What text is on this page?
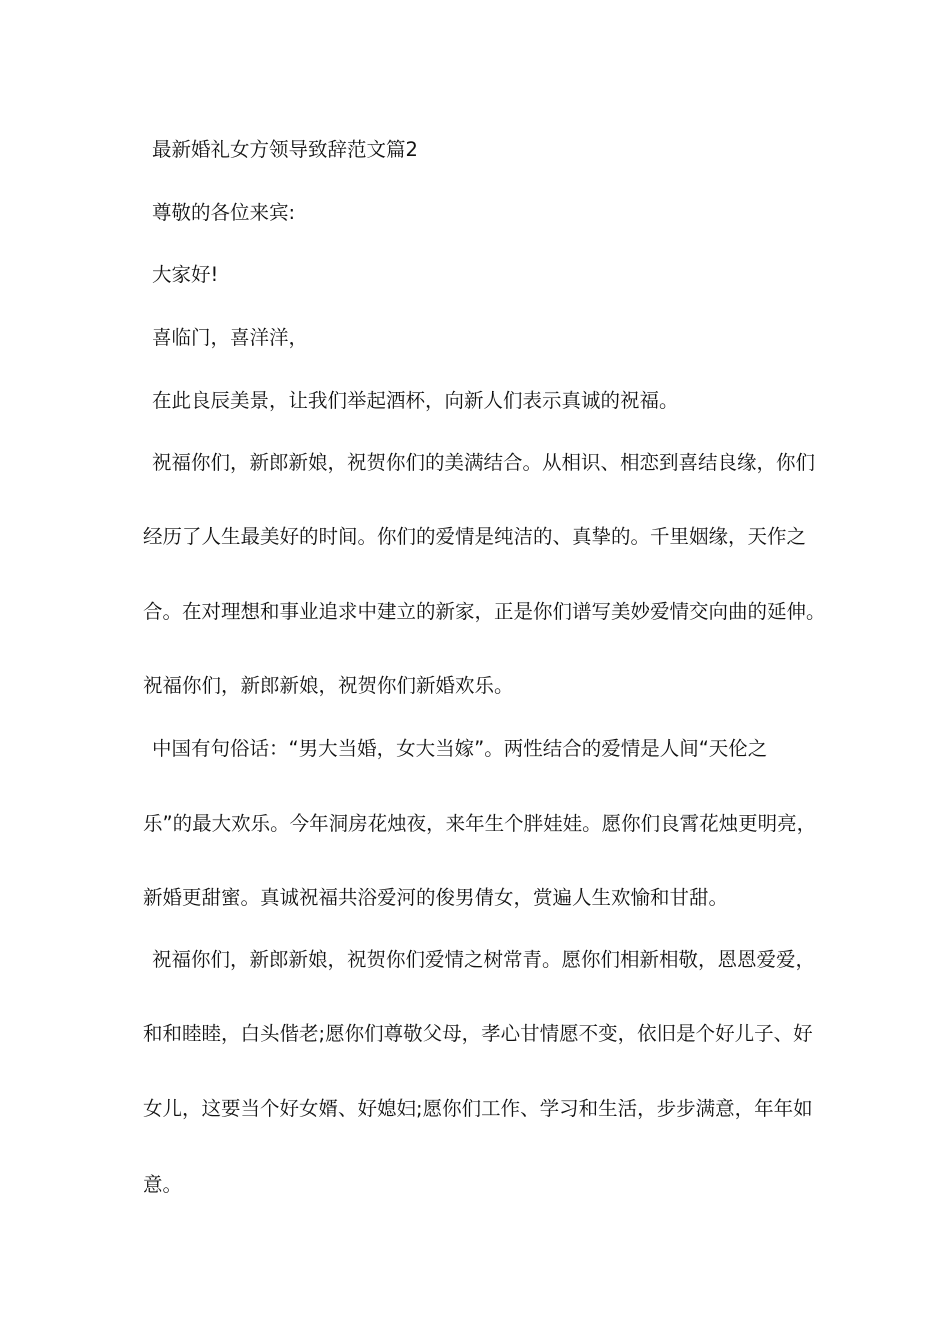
最新婚礼女方领导致辞范文篇2
尊敬的各位来宾:
大家好!
喜临门，喜洋洋，
在此良辰美景，让我们举起酒杯，向新人们表示真诚的祝福。
祝福你们，新郎新娘，祝贺你们的美满结合。从相识、相恋到喜结良缘，你们
经历了人生最美好的时间。你们的爱情是纯洁的、真挚的。千里姻缘，天作之
合。在对理想和事业追求中建立的新家，正是你们谱写美妙爱情交向曲的延伸。
祝福你们，新郎新娘，祝贺你们新婚欢乐。
中国有句俗话：“男大当婚，女大当嫁”。两性结合的爱情是人间“天伦之
乐”的最大欢乐。今年洞房花烛夜，来年生个胖娃娃。愿你们良霄花烛更明亮，
新婚更甜蜜。真诚祝福共浴爱河的俊男倩女，赏遍人生欢愉和甘甜。
祝福你们，新郎新娘，祝贺你们爱情之树常青。愿你们相新相敬，恩恩爱爱，
和和睦睦，白头偕老;愿你们尊敬父母，孝心甘情愿不变，依旧是个好儿子、好
女儿，这要当个好女婿、好媳妇;愿你们工作、学习和生活，步步满意，年年如
意。
